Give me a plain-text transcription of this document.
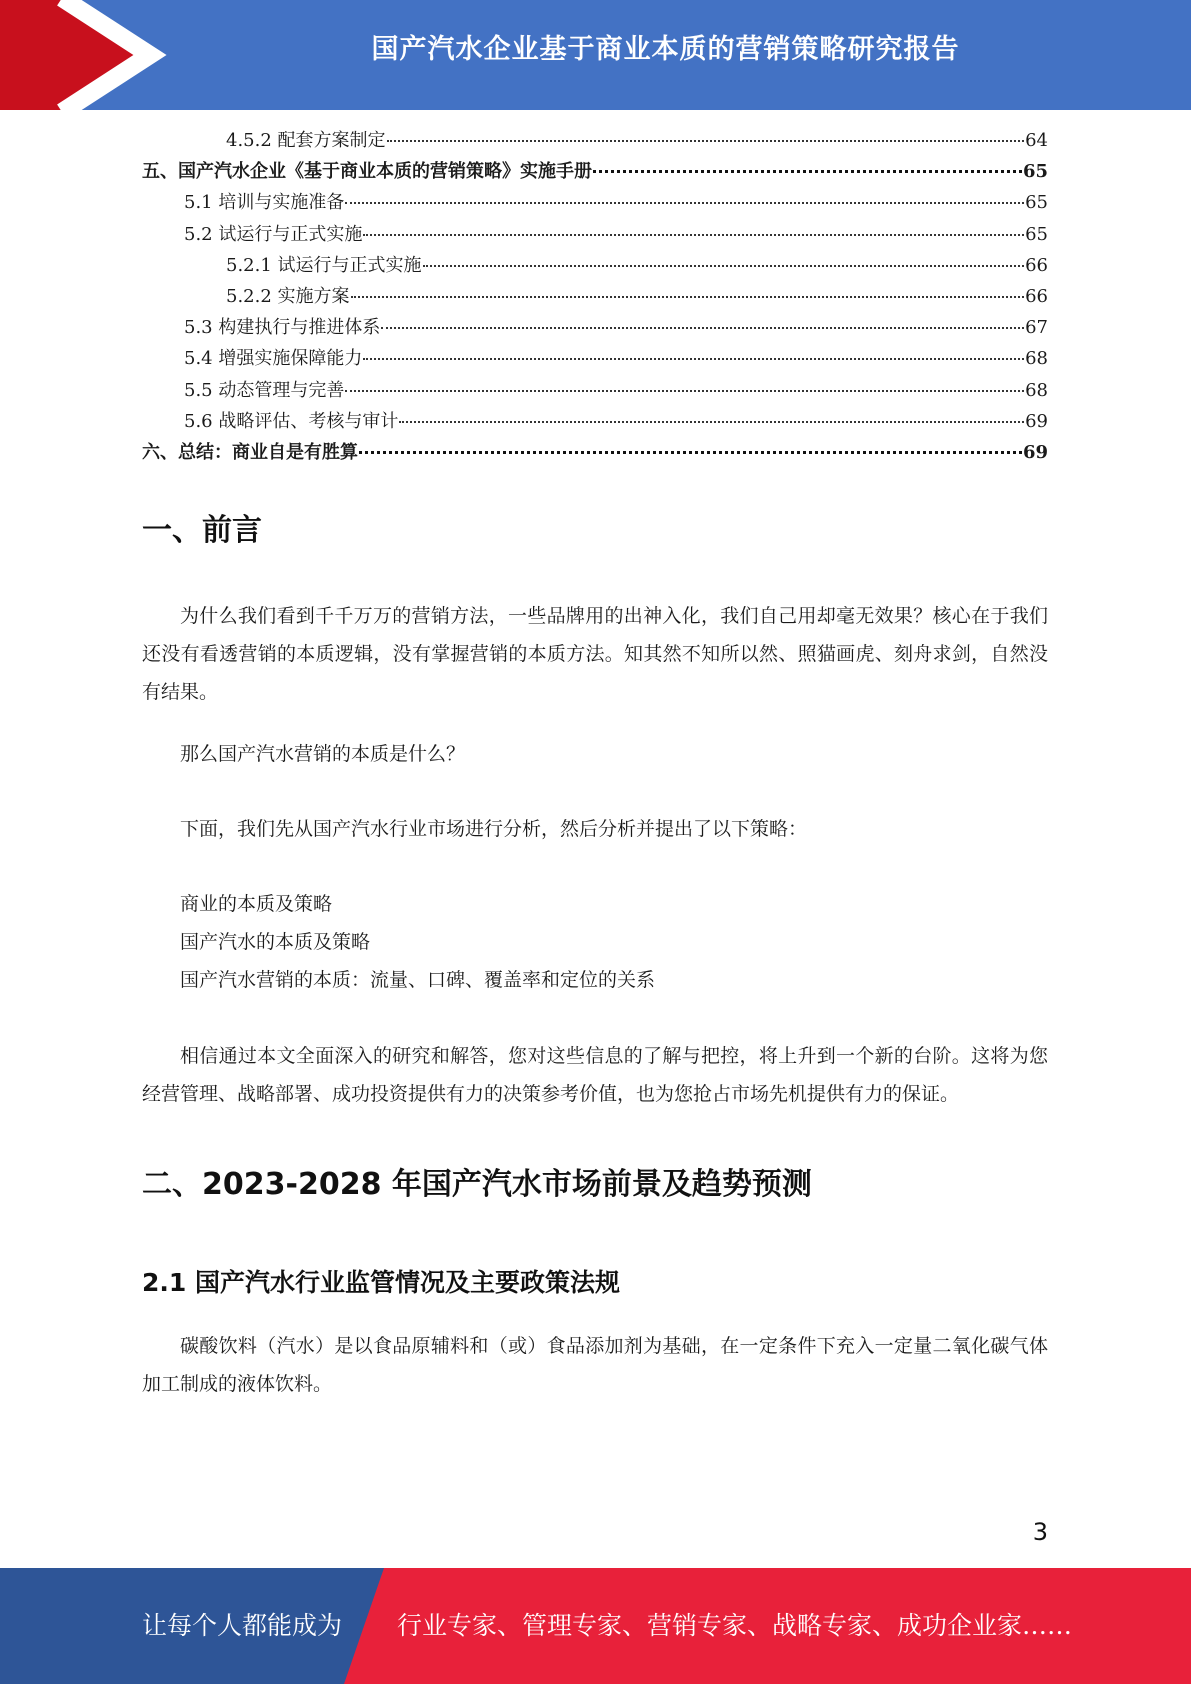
国产汽水企业基于商业本质的营销策略研究报告
4.5.2 配套方案制定	64
五、国产汽水企业《基于商业本质的营销策略》实施手册	65
5.1 培训与实施准备	65
5.2 试运行与正式实施	65
5.2.1 试运行与正式实施	66
5.2.2 实施方案	66
5.3 构建执行与推进体系	67
5.4 增强实施保障能力	68
5.5 动态管理与完善	68
5.6 战略评估、考核与审计	69
六、总结：商业自是有胜算	69
一、前言

为什么我们看到千千万万的营销方法，一些品牌用的出神入化，我们自己用却毫无效果？核心在于我们还没有看透营销的本质逻辑，没有掌握营销的本质方法。知其然不知所以然、照猫画虎、刻舟求剑，自然没有结果。

那么国产汽水营销的本质是什么？

下面，我们先从国产汽水行业市场进行分析，然后分析并提出了以下策略：

商业的本质及策略

国产汽水的本质及策略

国产汽水营销的本质：流量、口碑、覆盖率和定位的关系

相信通过本文全面深入的研究和解答，您对这些信息的了解与把控，将上升到一个新的台阶。这将为您经营管理、战略部署、成功投资提供有力的决策参考价值，也为您抢占市场先机提供有力的保证。

二、2023-2028 年国产汽水市场前景及趋势预测
2.1 国产汽水行业监管情况及主要政策法规

碳酸饮料（汽水）是以食品原辅料和（或）食品添加剂为基础，在一定条件下充入一定量二氧化碳气体加工制成的液体饮料。

3
让每个人都能成为 行业专家、管理专家、营销专家、战略专家、成功企业家……
